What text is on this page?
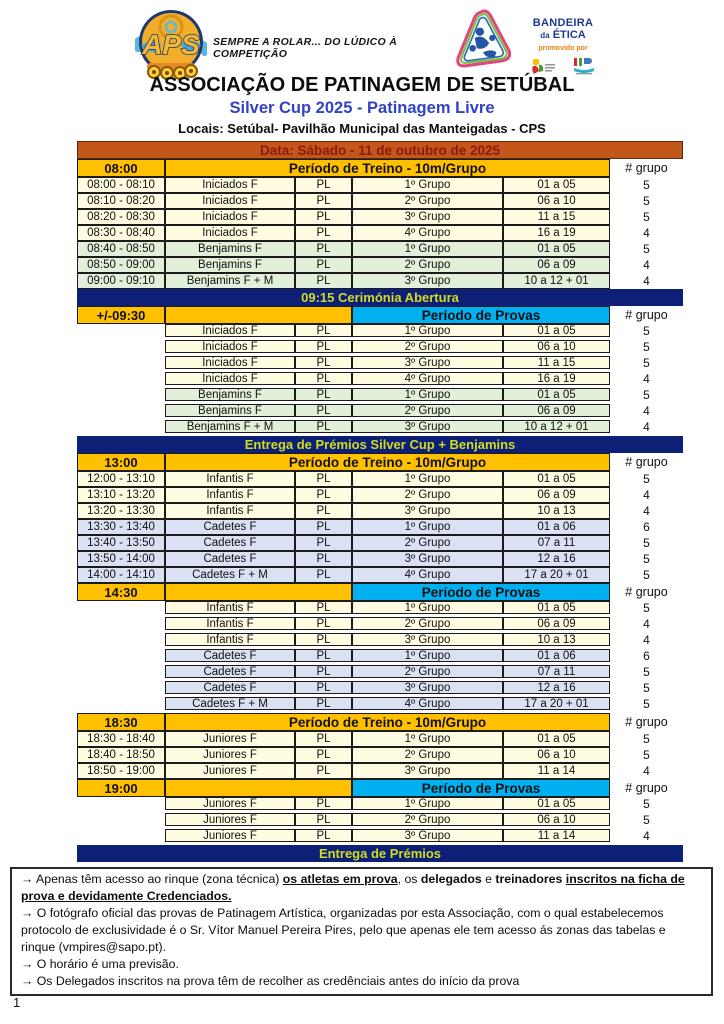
APS SEMPRE A ROLAR... DO LÚDICO À COMPETIÇÃO
BANDEIRA
da ÉTICA
promovido por
ASSOCIAÇÃO DE PATINAGEM DE SETÚBAL
Silver Cup 2025 - Patinagem Livre
Locais: Setúbal- Pavilhão Municipal das Manteigadas - CPS
Data: Sábado - 11 de outubro de 2025
08:00	Período de Treino - 10m/Grupo	# grupo
08:00 - 08:10	Iniciados F	PL	1º Grupo	01 a 05	5
08:10 - 08:20	Iniciados F	PL	2º Grupo	06 a 10	5
08:20 - 08:30	Iniciados F	PL	3º Grupo	11 a 15	5
08:30 - 08:40	Iniciados F	PL	4º Grupo	16 a 19	4
08:40 - 08:50	Benjamins F	PL	1º Grupo	01 a 05	5
08:50 - 09:00	Benjamins F	PL	2º Grupo	06 a 09	4
09:00 - 09:10	Benjamins F + M	PL	3º Grupo	10 a 12 + 01	4
09:15 Cerimónia Abertura
+/-09:30	Período de Provas	# grupo
Iniciados F	PL	1º Grupo	01 a 05	5
Iniciados F	PL	2º Grupo	06 a 10	5
Iniciados F	PL	3º Grupo	11 a 15	5
Iniciados F	PL	4º Grupo	16 a 19	4
Benjamins F	PL	1º Grupo	01 a 05	5
Benjamins F	PL	2º Grupo	06 a 09	4
Benjamins F + M	PL	3º Grupo	10 a 12 + 01	4
Entrega de Prémios Silver Cup + Benjamins
13:00	Período de Treino - 10m/Grupo	# grupo
12:00 - 13:10	Infantis F	PL	1º Grupo	01 a 05	5
13:10 - 13:20	Infantis F	PL	2º Grupo	06 a 09	4
13:20 - 13:30	Infantis F	PL	3º Grupo	10 a 13	4
13:30 - 13:40	Cadetes F	PL	1º Grupo	01 a 06	6
13:40 - 13:50	Cadetes F	PL	2º Grupo	07 a 11	5
13:50 - 14:00	Cadetes F	PL	3º Grupo	12 a 16	5
14:00 - 14:10	Cadetes F + M	PL	4º Grupo	17 a 20 + 01	5
14:30	Período de Provas	# grupo
Infantis F	PL	1º Grupo	01 a 05	5
Infantis F	PL	2º Grupo	06 a 09	4
Infantis F	PL	3º Grupo	10 a 13	4
Cadetes F	PL	1º Grupo	01 a 06	6
Cadetes F	PL	2º Grupo	07 a 11	5
Cadetes F	PL	3º Grupo	12 a 16	5
Cadetes F + M	PL	4º Grupo	17 a 20 + 01	5
18:30	Período de Treino - 10m/Grupo	# grupo
18:30 - 18:40	Juniores F	PL	1º Grupo	01 a 05	5
18:40 - 18:50	Juniores F	PL	2º Grupo	06 a 10	5
18:50 - 19:00	Juniores F	PL	3º Grupo	11 a 14	4
19:00	Período de Provas	# grupo
Juniores F	PL	1º Grupo	01 a 05	5
Juniores F	PL	2º Grupo	06 a 10	5
Juniores F	PL	3º Grupo	11 a 14	4
Entrega de Prémios
→ Apenas têm acesso ao rinque (zona técnica) os atletas em prova, os delegados e treinadores inscritos na ficha de prova e devidamente Credenciados.
→ O fotógrafo oficial das provas de Patinagem Artística, organizadas por esta Associação, com o qual estabelecemos protocolo de exclusividade é o Sr. Vítor Manuel Pereira Pires, pelo que apenas ele tem acesso ás zonas das tabelas e rinque (vmpires@sapo.pt).
→ O horário é uma previsão.
→ Os Delegados inscritos na prova têm de recolher as credênciais antes do início da prova
1
